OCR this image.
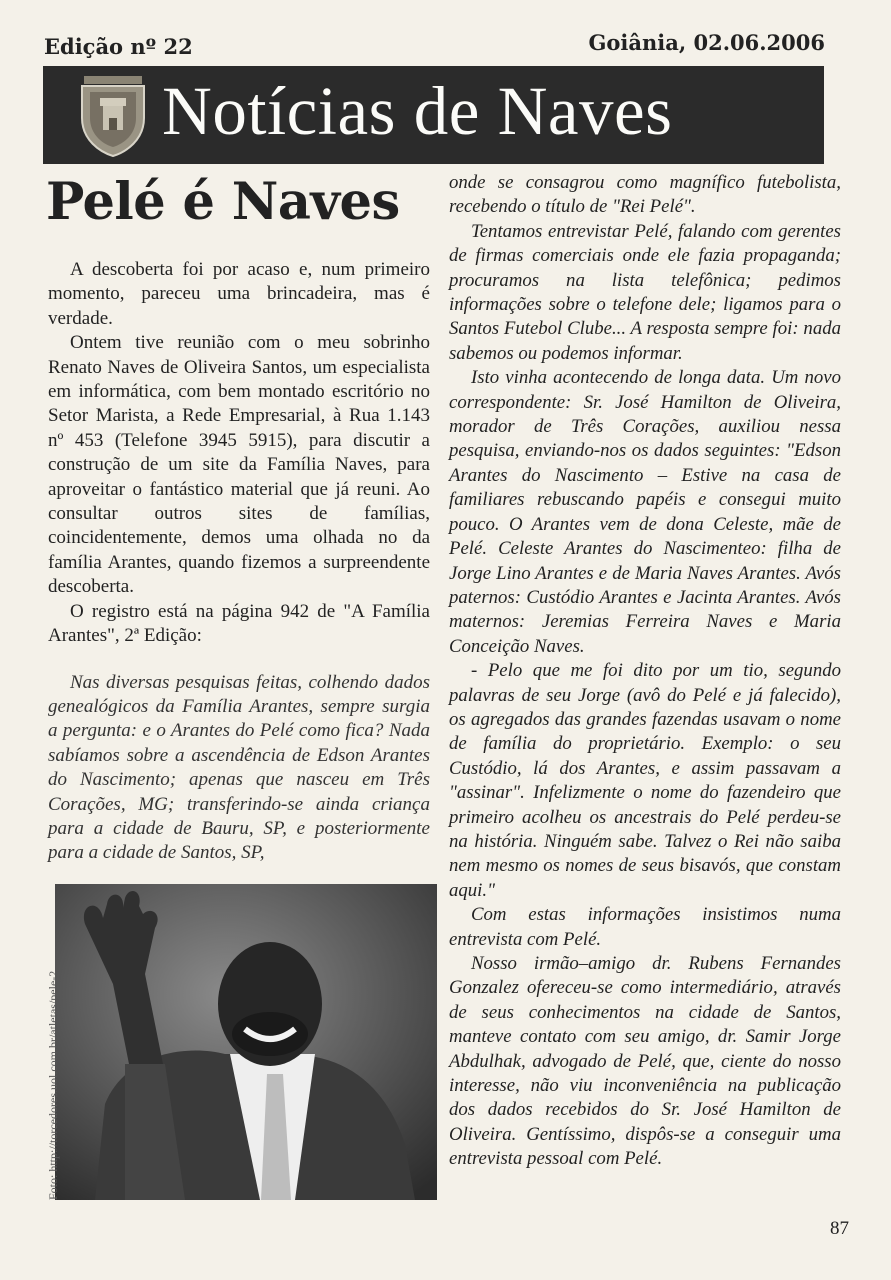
Edição nº 22	Goiânia, 02.06.2006
Notícias de Naves
Pelé é Naves

A descoberta foi por acaso e, num primeiro momento, pareceu uma brincadeira, mas é verdade.

Ontem tive reunião com o meu sobrinho Renato Naves de Oliveira Santos, um especialista em informática, com bem montado escritório no Setor Marista, a Rede Empresarial, à Rua 1.143 nº 453 (Telefone 3945 5915), para discutir a construção de um site da Família Naves, para aproveitar o fantástico material que já reuni. Ao consultar outros sites de famílias, coincidentemente, demos uma olhada no da família Arantes, quando fizemos a surpreendente descoberta.

O registro está na página 942 de "A Família Arantes", 2ª Edição:

Nas diversas pesquisas feitas, colhendo dados genealógicos da Família Arantes, sempre surgia a pergunta: e o Arantes do Pelé como fica? Nada sabíamos sobre a ascendência de Edson Arantes do Nascimento; apenas que nasceu em Três Corações, MG; transferindo-se ainda criança para a cidade de Bauru, SP, e posteriormente para a cidade de Santos, SP,

onde se consagrou como magnífico futebolista, recebendo o título de "Rei Pelé".

Tentamos entrevistar Pelé, falando com gerentes de firmas comerciais onde ele fazia propaganda; procuramos na lista telefônica; pedimos informações sobre o telefone dele; ligamos para o Santos Futebol Clube... A resposta sempre foi: nada sabemos ou podemos informar.

Isto vinha acontecendo de longa data. Um novo correspondente: Sr. José Hamilton de Oliveira, morador de Três Corações, auxiliou nessa pesquisa, enviando-nos os dados seguintes: "Edson Arantes do Nascimento – Estive na casa de familiares rebuscando papéis e consegui muito pouco. O Arantes vem de dona Celeste, mãe de Pelé. Celeste Arantes do Nascimenteo: filha de Jorge Lino Arantes e de Maria Naves Arantes. Avós paternos: Custódio Arantes e Jacinta Arantes. Avós maternos: Jeremias Ferreira Naves e Maria Conceição Naves.

- Pelo que me foi dito por um tio, segundo palavras de seu Jorge (avô do Pelé e já falecido), os agregados das grandes fazendas usavam o nome de família do proprietário. Exemplo: o seu Custódio, lá dos Arantes, e assim passavam a "assinar". Infelizmente o nome do fazendeiro que primeiro acolheu os ancestrais do Pelé perdeu-se na história. Ninguém sabe. Talvez o Rei não saiba nem mesmo os nomes de seus bisavós, que constam aqui."

Com estas informações insistimos numa entrevista com Pelé.

Nosso irmão–amigo dr. Rubens Fernandes Gonzalez ofereceu-se como intermediário, através de seus conhecimentos na cidade de Santos, manteve contato com seu amigo, dr. Samir Jorge Abdulhak, advogado de Pelé, que, ciente do nosso interesse, não viu inconveniência na publicação dos dados recebidos do Sr. José Hamilton de Oliveira. Gentíssimo, dispôs-se a conseguir uma entrevista pessoal com Pelé.

Foto: http://torcedores.uol.com.br/atletas/pele-2
87
